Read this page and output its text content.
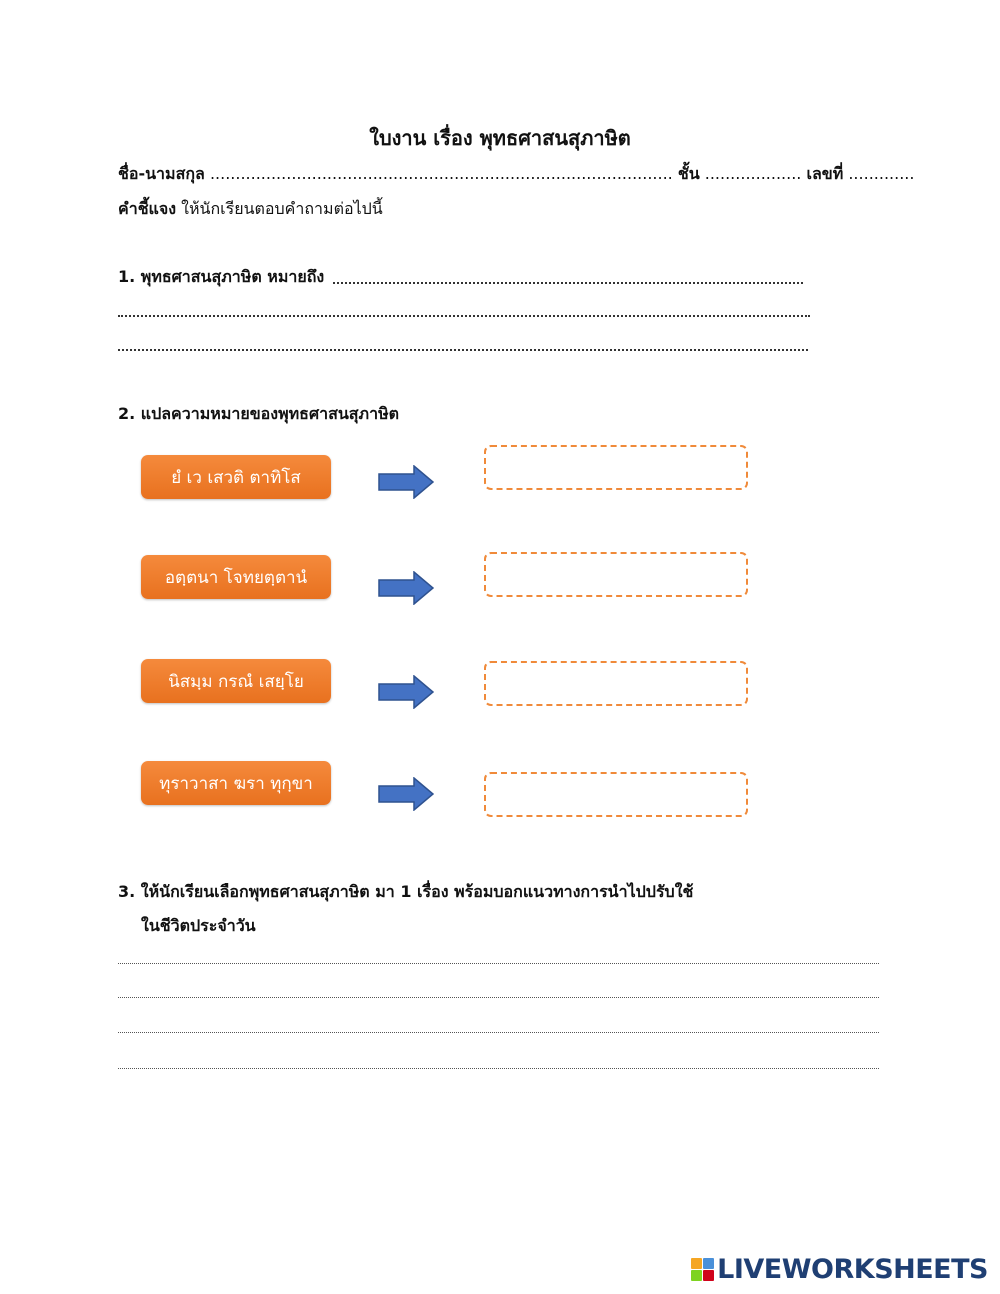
ใบงาน เรื่อง พุทธศาสนสุภาษิต
ชื่อ-นามสกุล ........................................................................................... ชั้น ................... เลขที่ .............
คำชี้แจง ให้นักเรียนตอบคำถามต่อไปนี้
1. พุทธศาสนสุภาษิต หมายถึง
2. แปลความหมายของพุทธศาสนสุภาษิต
ยํ เว เสวติ ตาทิโส
อตฺตนา โจทยตฺตานํ
นิสมฺม กรณํ เสยฺโย
ทุราวาสา ฆรา ทุกฺขา
3. ให้นักเรียนเลือกพุทธศาสนสุภาษิต มา 1 เรื่อง พร้อมบอกแนวทางการนำไปปรับใช้
ในชีวิตประจำวัน
LIVEWORKSHEETS
